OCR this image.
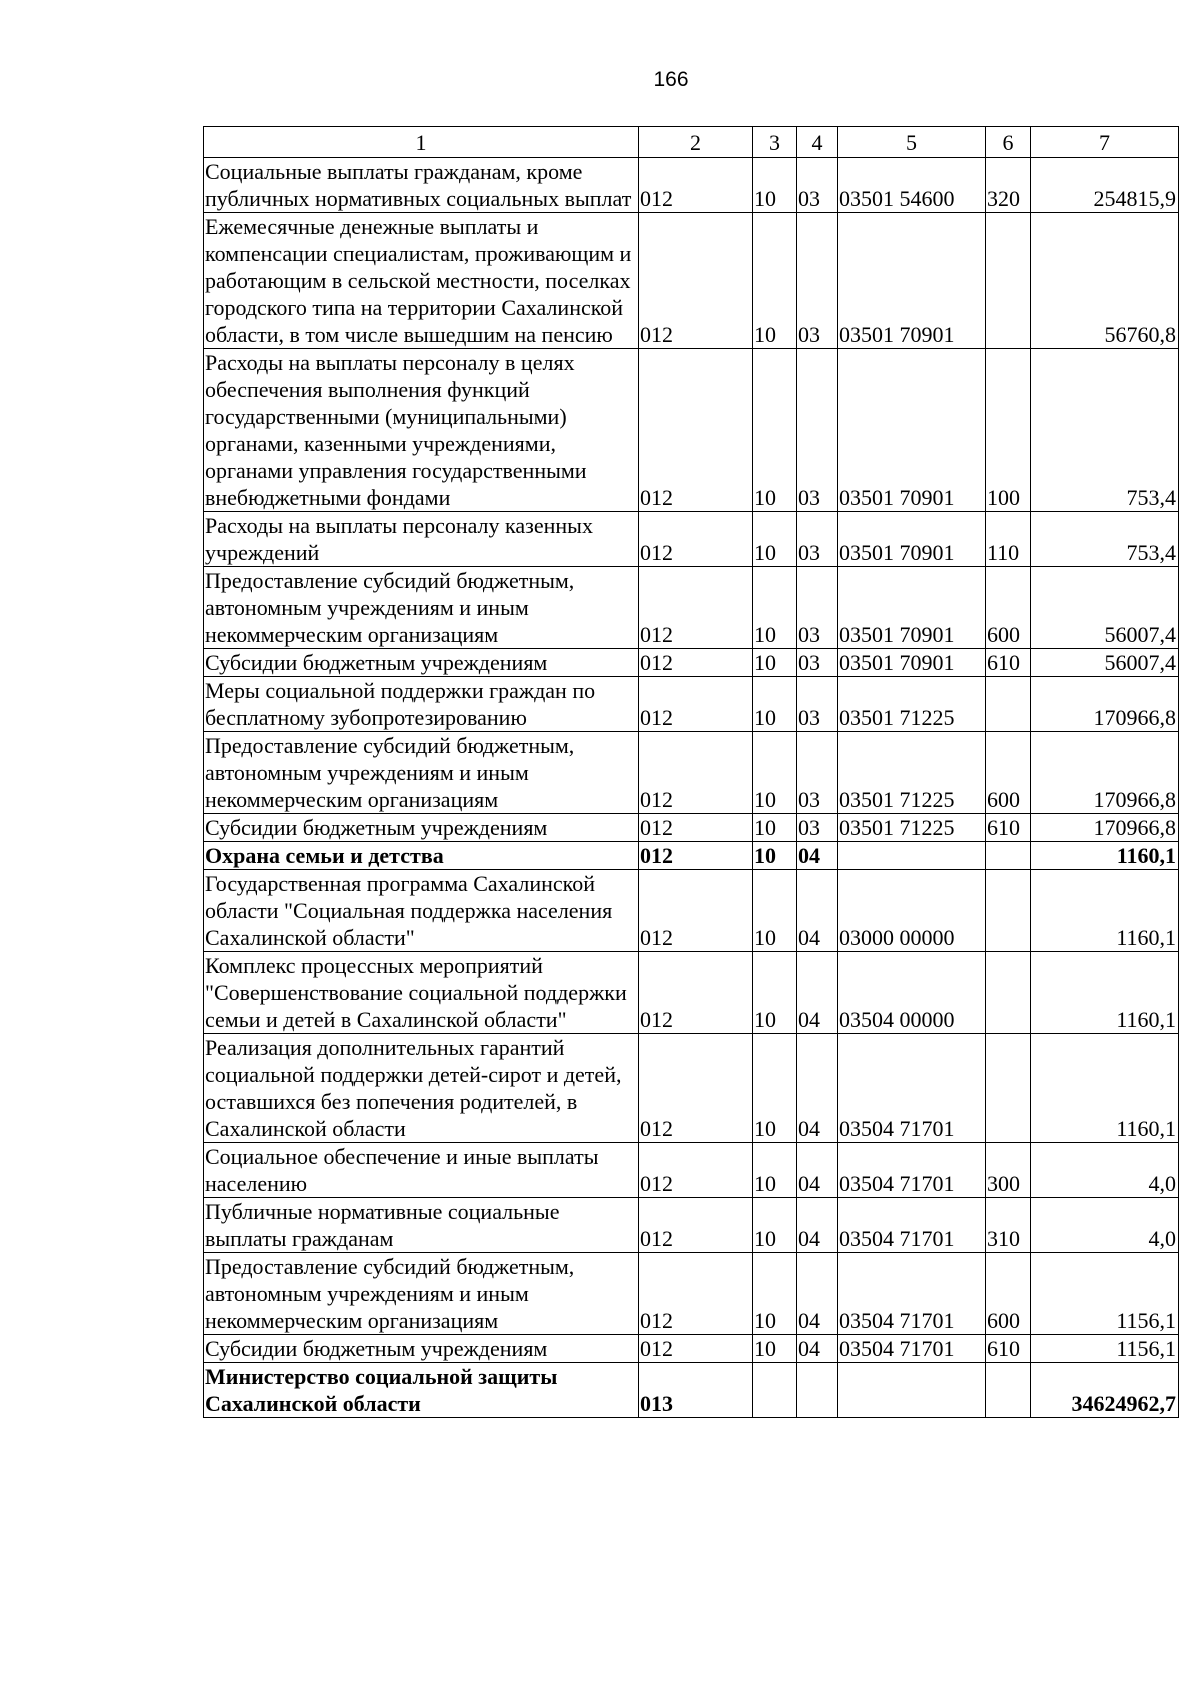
166
1	2	3	4	5	6	7
Социальные выплаты гражданам, кроме публичных нормативных социальных выплат	012	10	03	03501 54600	320	254815,9
Ежемесячные денежные выплаты и компенсации специалистам, проживающим и работающим в сельской местности, поселках городского типа на территории Сахалинской области, в том числе вышедшим на пенсию	012	10	03	03501 70901		56760,8
Расходы на выплаты персоналу в целях обеспечения выполнения функций государственными (муниципальными) органами, казенными учреждениями, органами управления государственными внебюджетными фондами	012	10	03	03501 70901	100	753,4
Расходы на выплаты персоналу казенных учреждений	012	10	03	03501 70901	110	753,4
Предоставление субсидий бюджетным, автономным учреждениям и иным некоммерческим организациям	012	10	03	03501 70901	600	56007,4
Субсидии бюджетным учреждениям	012	10	03	03501 70901	610	56007,4
Меры социальной поддержки граждан по бесплатному зубопротезированию	012	10	03	03501 71225		170966,8
Предоставление субсидий бюджетным, автономным учреждениям и иным некоммерческим организациям	012	10	03	03501 71225	600	170966,8
Субсидии бюджетным учреждениям	012	10	03	03501 71225	610	170966,8
Охрана семьи и детства	012	10	04			1160,1
Государственная программа Сахалинской области "Социальная поддержка населения Сахалинской области"	012	10	04	03000 00000		1160,1
Комплекс процессных мероприятий "Совершенствование социальной поддержки семьи и детей в Сахалинской области"	012	10	04	03504 00000		1160,1
Реализация дополнительных гарантий социальной поддержки детей-сирот и детей, оставшихся без попечения родителей, в Сахалинской области	012	10	04	03504 71701		1160,1
Социальное обеспечение и иные выплаты населению	012	10	04	03504 71701	300	4,0
Публичные нормативные социальные выплаты гражданам	012	10	04	03504 71701	310	4,0
Предоставление субсидий бюджетным, автономным учреждениям и иным некоммерческим организациям	012	10	04	03504 71701	600	1156,1
Субсидии бюджетным учреждениям	012	10	04	03504 71701	610	1156,1
Министерство социальной защиты Сахалинской области	013					34624962,7
